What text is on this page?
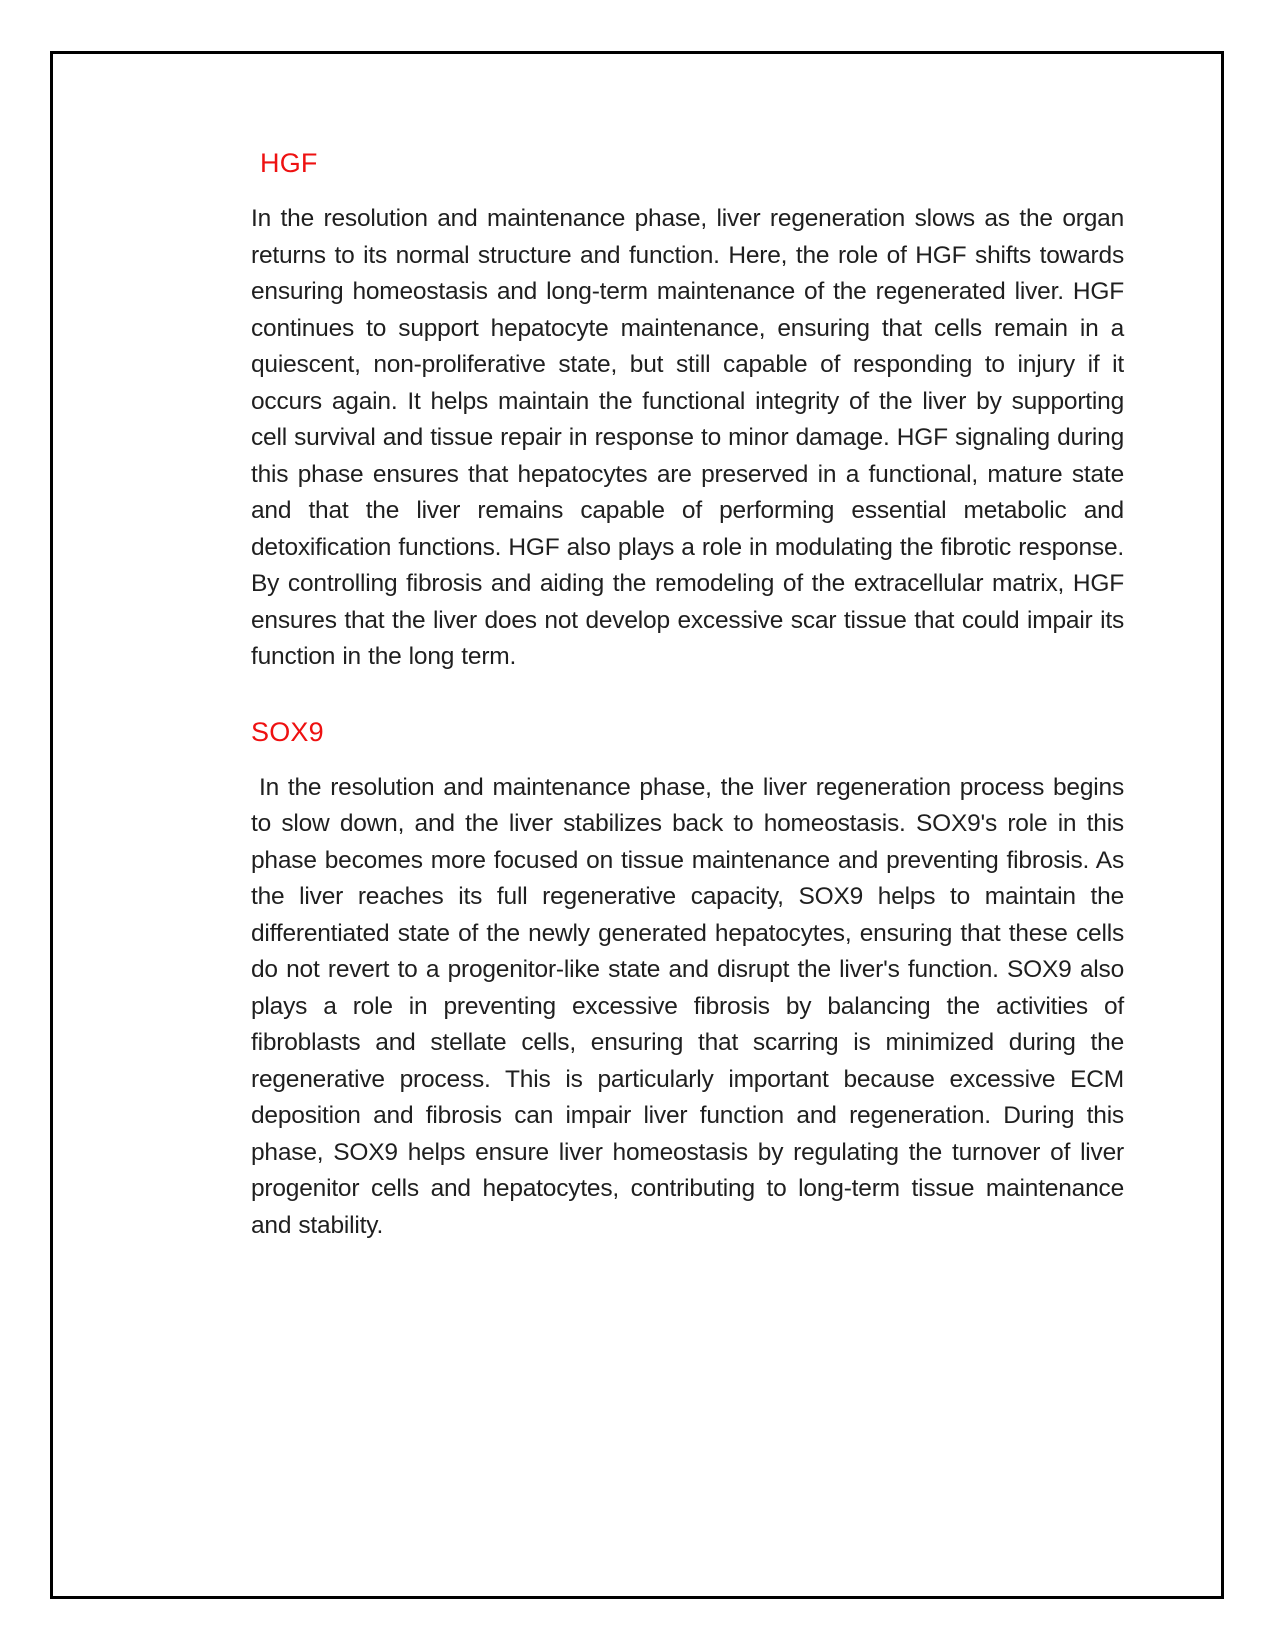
HGF

In the resolution and maintenance phase, liver regeneration slows as the organ returns to its normal structure and function. Here, the role of HGF shifts towards ensuring homeostasis and long-term maintenance of the regenerated liver. HGF continues to support hepatocyte maintenance, ensuring that cells remain in a quiescent, non-proliferative state, but still capable of responding to injury if it occurs again. It helps maintain the functional integrity of the liver by supporting cell survival and tissue repair in response to minor damage. HGF signaling during this phase ensures that hepatocytes are preserved in a functional, mature state and that the liver remains capable of performing essential metabolic and detoxification functions. HGF also plays a role in modulating the fibrotic response. By controlling fibrosis and aiding the remodeling of the extracellular matrix, HGF ensures that the liver does not develop excessive scar tissue that could impair its function in the long term.

SOX9

In the resolution and maintenance phase, the liver regeneration process begins to slow down, and the liver stabilizes back to homeostasis. SOX9's role in this phase becomes more focused on tissue maintenance and preventing fibrosis. As the liver reaches its full regenerative capacity, SOX9 helps to maintain the differentiated state of the newly generated hepatocytes, ensuring that these cells do not revert to a progenitor-like state and disrupt the liver's function. SOX9 also plays a role in preventing excessive fibrosis by balancing the activities of fibroblasts and stellate cells, ensuring that scarring is minimized during the regenerative process. This is particularly important because excessive ECM deposition and fibrosis can impair liver function and regeneration. During this phase, SOX9 helps ensure liver homeostasis by regulating the turnover of liver progenitor cells and hepatocytes, contributing to long-term tissue maintenance and stability.
